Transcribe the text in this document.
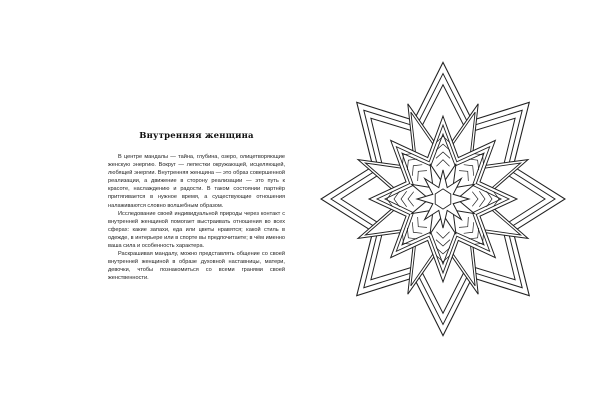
Внутренняя женщина

В центре мандалы — тайна, глубина, озеро, олицетворяющие женскую энергию. Вокруг — лепестки окружающей, исцеляющей, любящей энергии. Внутренняя женщина — это образ совершенной реализации, а движение в сторону реализации — это путь к красоте, наслаждению и радости. В таком состоянии партнёр притягивается в нужное время, а существующие отношения налаживаются словно волшебным образом.

Исследование своей индивидуальной природы через контакт с внутренней женщиной помогает выстраивать отношения во всех сферах: какие запахи, еда или цветы нравятся; какой стиль в одежде, в интерьере или в спорте вы предпочитаете; в чём именно ваша сила и особенность характера.

Раскрашивая мандалу, можно представлять общение со своей внутренней женщиной в образе духовной наставницы, матери, девочки, чтобы познакомиться со всеми гранями своей женственности.
